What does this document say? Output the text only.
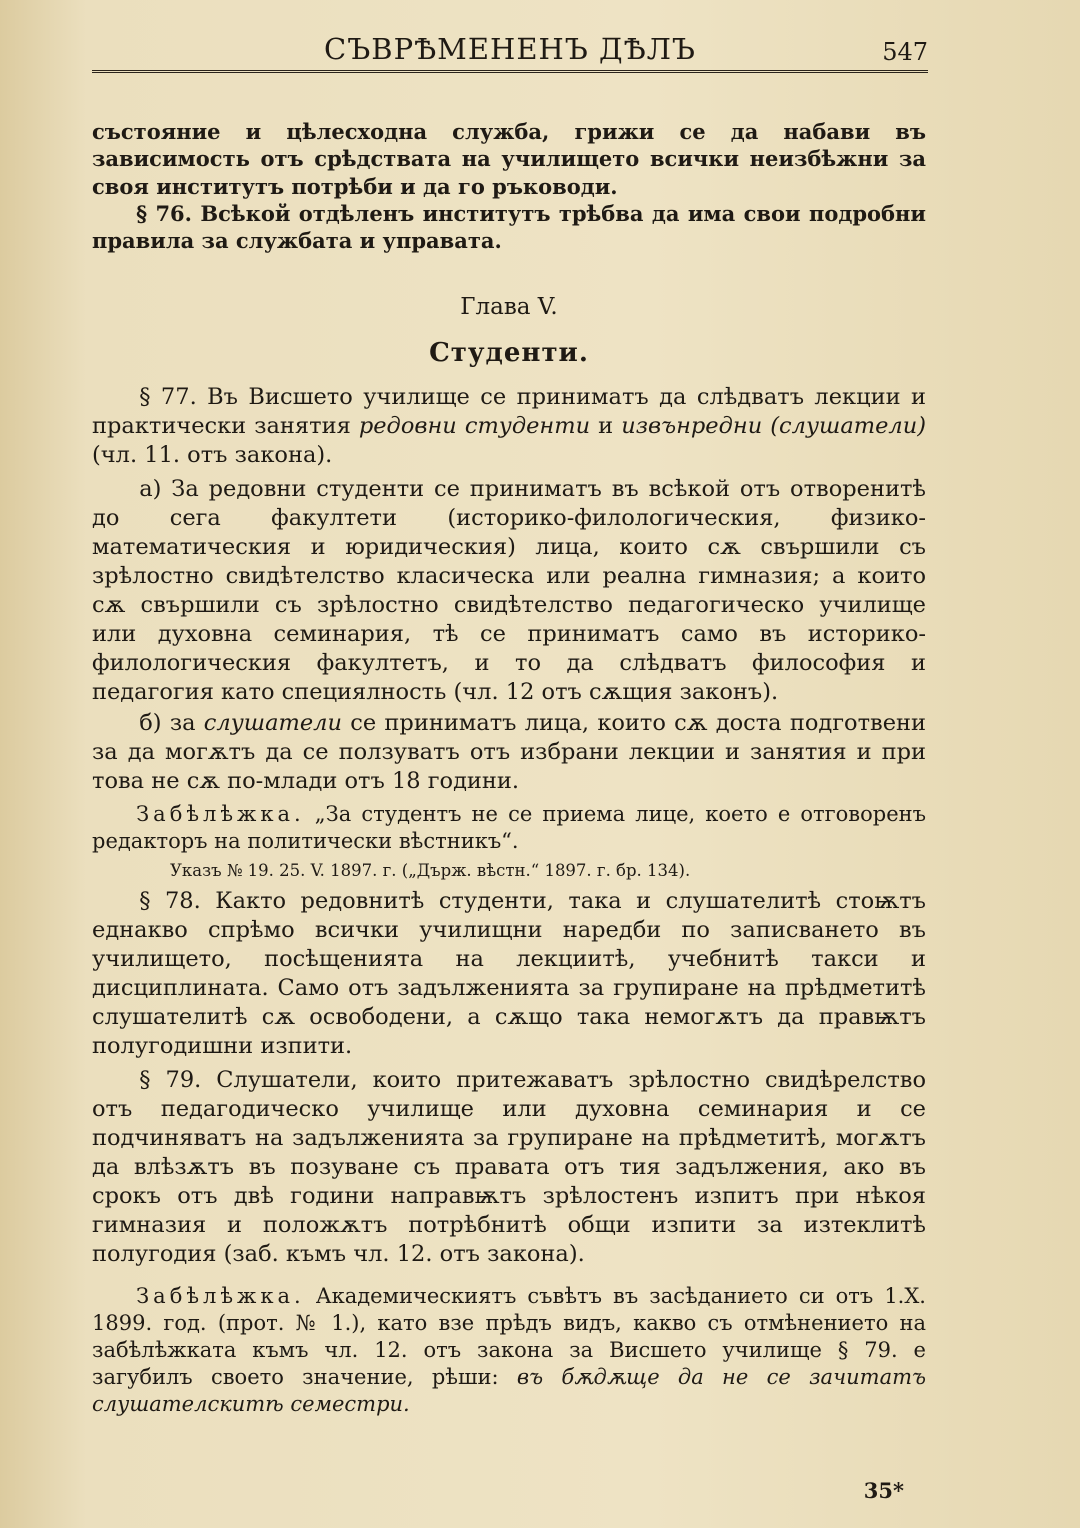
СЪВРѢМЕНЕНЪ ДѢЛЪ	547

състояние и цѣлесходна служба, грижи се да набави въ зависимость отъ срѣдствата на училището всички неизбѣжни за своя институтъ потрѣби и да го ръководи.

§ 76. Всѣкой отдѣленъ институтъ трѣбва да има свои подробни правила за службата и управата.

Глава V.

Студенти.

§ 77. Въ Висшето училище се приниматъ да слѣдватъ лекции и практически занятия редовни студенти и извънредни (слушатели) (чл. 11. отъ закона).

а) За редовни студенти се приниматъ въ всѣкой отъ отворенитѣ до сега факултети (историко-филологическия, физико-математическия и юридическия) лица, които сѫ свършили съ зрѣлостно свидѣтелство класическа или реална гимназия; а които сѫ свършили съ зрѣлостно свидѣтелство педагогическо училище или духовна семинария, тѣ се приниматъ само въ историко-филологическия факултетъ, и то да слѣдватъ философия и педагогия като специялность (чл. 12 отъ сѫщия законъ).

б) за слушатели се приниматъ лица, които сѫ доста подготвени за да могѫтъ да се ползуватъ отъ избрани лекции и занятия и при това не сѫ по-млади отъ 18 години.

Забѣлѣжка. „За студентъ не се приема лице, което е отговоренъ редакторъ на политически вѣстникъ“.

Указъ № 19. 25. V. 1897. г. („Държ. вѣстн.“ 1897. г. бр. 134).

§ 78. Както редовнитѣ студенти, така и слушателитѣ стоѭтъ еднакво спрѣмо всички училищни наредби по записването въ училището, посѣщенията на лекциитѣ, учебнитѣ такси и дисциплината. Само отъ задълженията за групиране на прѣдметитѣ слушателитѣ сѫ освободени, а сѫщо така немогѫтъ да правѭтъ полугодишни изпити.

§ 79. Слушатели, които притежаватъ зрѣлостно свидѣрелство отъ педагодическо училище или духовна семинария и се подчиняватъ на задълженията за групиране на прѣдметитѣ, могѫтъ да влѣзѫтъ въ позуване съ правата отъ тия задължения, ако въ срокъ отъ двѣ години направѭтъ зрѣлостенъ изпитъ при нѣкоя гимназия и положѫтъ потрѣбнитѣ общи изпити за изтеклитѣ полугодия (заб. къмъ чл. 12. отъ закона).

Забѣлѣжка. Академическиятъ съвѣтъ въ засѣданието си отъ 1.X. 1899. год. (прот. № 1.), като взе прѣдъ видъ, какво съ отмѣнението на забѣлѣжката къмъ чл. 12. отъ закона за Висшето училище § 79. е загубилъ своето значение, рѣши: въ бѫдѫще да не се зачитатъ слушателскитѣ семестри.

35*
